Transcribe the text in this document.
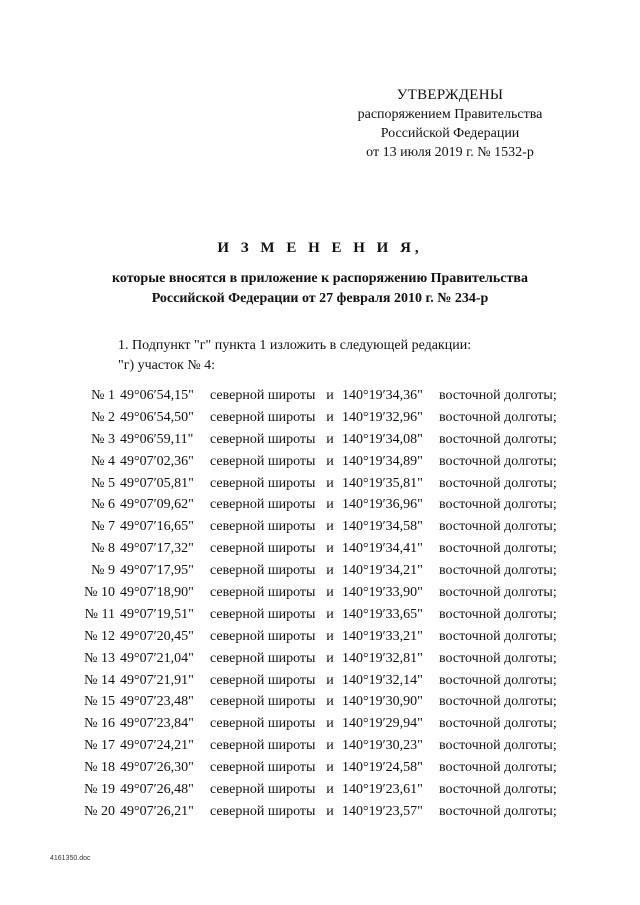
УТВЕРЖДЕНЫ
распоряжением Правительства
Российской Федерации
от 13 июля 2019 г. № 1532-р
И З М Е Н Е Н И Я,
которые вносятся в приложение к распоряжению Правительства
Российской Федерации от 27 февраля 2010 г. № 234-р
1. Подпункт "г" пункта 1 изложить в следующей редакции:
"г) участок № 4:
№ 1 49°06′54,15"	северной широты и 140°19′34,36"	восточной долготы;
№ 2 49°06′54,50"	северной широты и 140°19′32,96"	восточной долготы;
№ 3 49°06′59,11"	северной широты и 140°19′34,08"	восточной долготы;
№ 4 49°07′02,36"	северной широты и 140°19′34,89"	восточной долготы;
№ 5 49°07′05,81"	северной широты и 140°19′35,81"	восточной долготы;
№ 6 49°07′09,62"	северной широты и 140°19′36,96"	восточной долготы;
№ 7 49°07′16,65"	северной широты и 140°19′34,58"	восточной долготы;
№ 8 49°07′17,32"	северной широты и 140°19′34,41"	восточной долготы;
№ 9 49°07′17,95"	северной широты и 140°19′34,21"	восточной долготы;
№ 10 49°07′18,90"	северной широты и 140°19′33,90"	восточной долготы;
№ 11 49°07′19,51"	северной широты и 140°19′33,65"	восточной долготы;
№ 12 49°07′20,45"	северной широты и 140°19′33,21"	восточной долготы;
№ 13 49°07′21,04"	северной широты и 140°19′32,81"	восточной долготы;
№ 14 49°07′21,91"	северной широты и 140°19′32,14"	восточной долготы;
№ 15 49°07′23,48"	северной широты и 140°19′30,90"	восточной долготы;
№ 16 49°07′23,84"	северной широты и 140°19′29,94"	восточной долготы;
№ 17 49°07′24,21"	северной широты и 140°19′30,23"	восточной долготы;
№ 18 49°07′26,30"	северной широты и 140°19′24,58"	восточной долготы;
№ 19 49°07′26,48"	северной широты и 140°19′23,61"	восточной долготы;
№ 20 49°07′26,21"	северной широты и 140°19′23,57"	восточной долготы;
4161350.doc
